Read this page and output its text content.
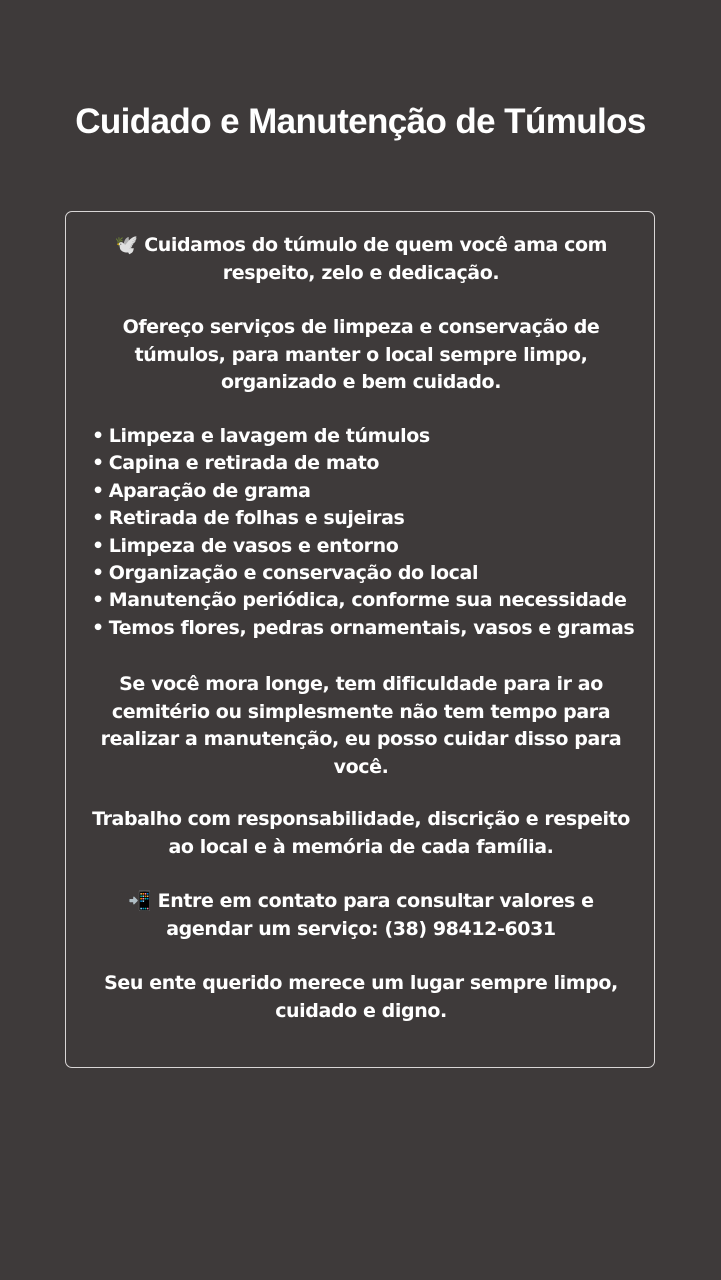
Cuidado e Manutenção de Túmulos

🕊️ Cuidamos do túmulo de quem você ama com

respeito, zelo e dedicação.

Ofereço serviços de limpeza e conservação de

túmulos, para manter o local sempre limpo,

organizado e bem cuidado.

• Limpeza e lavagem de túmulos
• Capina e retirada de mato
• Aparação de grama
• Retirada de folhas e sujeiras
• Limpeza de vasos e entorno
• Organização e conservação do local
• Manutenção periódica, conforme sua necessidade
• Temos flores, pedras ornamentais, vasos e gramas

Se você mora longe, tem dificuldade para ir ao

cemitério ou simplesmente não tem tempo para

realizar a manutenção, eu posso cuidar disso para

você.

Trabalho com responsabilidade, discrição e respeito

ao local e à memória de cada família.

📲 Entre em contato para consultar valores e

agendar um serviço: (38) 98412-6031

Seu ente querido merece um lugar sempre limpo,

cuidado e digno.
